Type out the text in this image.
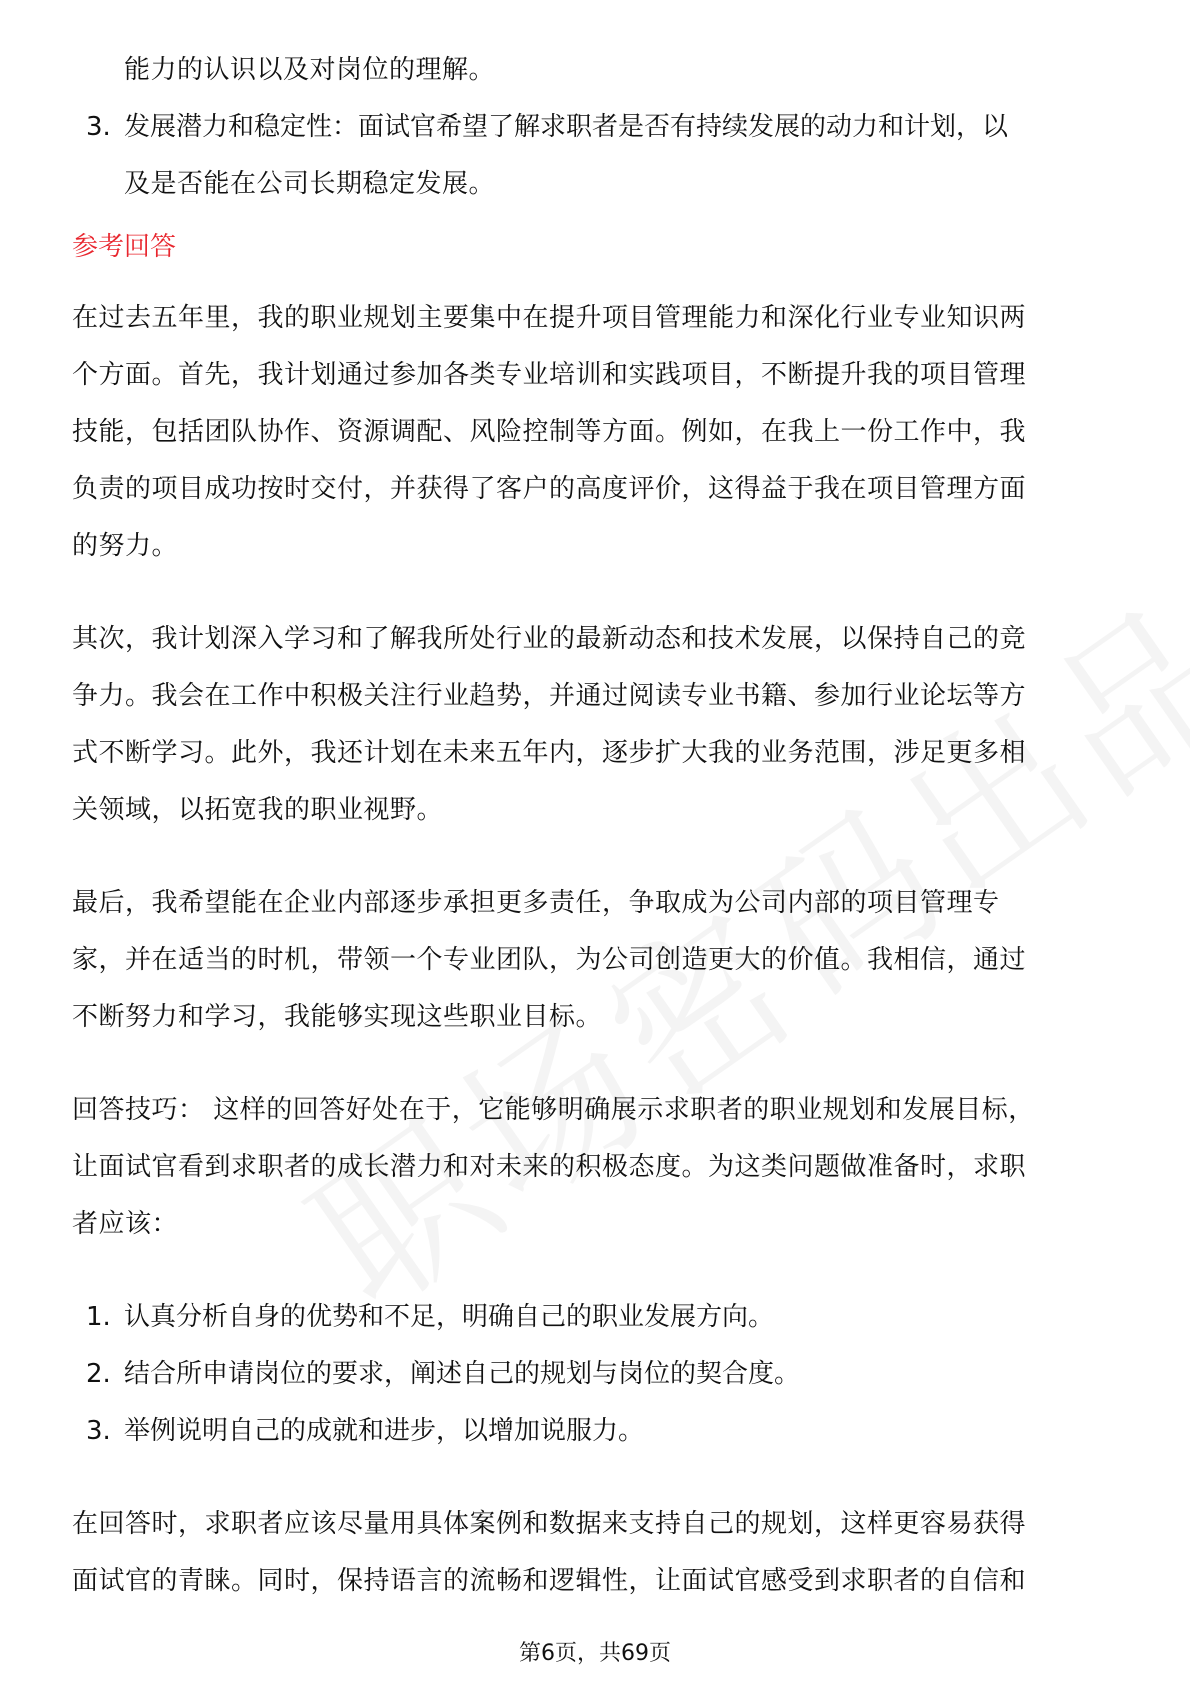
能力的认识以及对岗位的理解。
3. 发展潜力和稳定性：面试官希望了解求职者是否有持续发展的动力和计划，以
及是否能在公司长期稳定发展。
参考回答
在过去五年里，我的职业规划主要集中在提升项目管理能力和深化行业专业知识两
个方面。首先，我计划通过参加各类专业培训和实践项目，不断提升我的项目管理
技能，包括团队协作、资源调配、风险控制等方面。例如，在我上一份工作中，我
负责的项目成功按时交付，并获得了客户的高度评价，这得益于我在项目管理方面
的努力。
其次，我计划深入学习和了解我所处行业的最新动态和技术发展，以保持自己的竞
争力。我会在工作中积极关注行业趋势，并通过阅读专业书籍、参加行业论坛等方
式不断学习。此外，我还计划在未来五年内，逐步扩大我的业务范围，涉足更多相
关领域，以拓宽我的职业视野。
最后，我希望能在企业内部逐步承担更多责任，争取成为公司内部的项目管理专
家，并在适当的时机，带领一个专业团队，为公司创造更大的价值。我相信，通过
不断努力和学习，我能够实现这些职业目标。
回答技巧： 这样的回答好处在于，它能够明确展示求职者的职业规划和发展目标，
让面试官看到求职者的成长潜力和对未来的积极态度。为这类问题做准备时，求职
者应该：
1. 认真分析自身的优势和不足，明确自己的职业发展方向。
2. 结合所申请岗位的要求，阐述自己的规划与岗位的契合度。
3. 举例说明自己的成就和进步，以增加说服力。
在回答时，求职者应该尽量用具体案例和数据来支持自己的规划，这样更容易获得
面试官的青睐。同时，保持语言的流畅和逻辑性，让面试官感受到求职者的自信和
第6页，共69页
